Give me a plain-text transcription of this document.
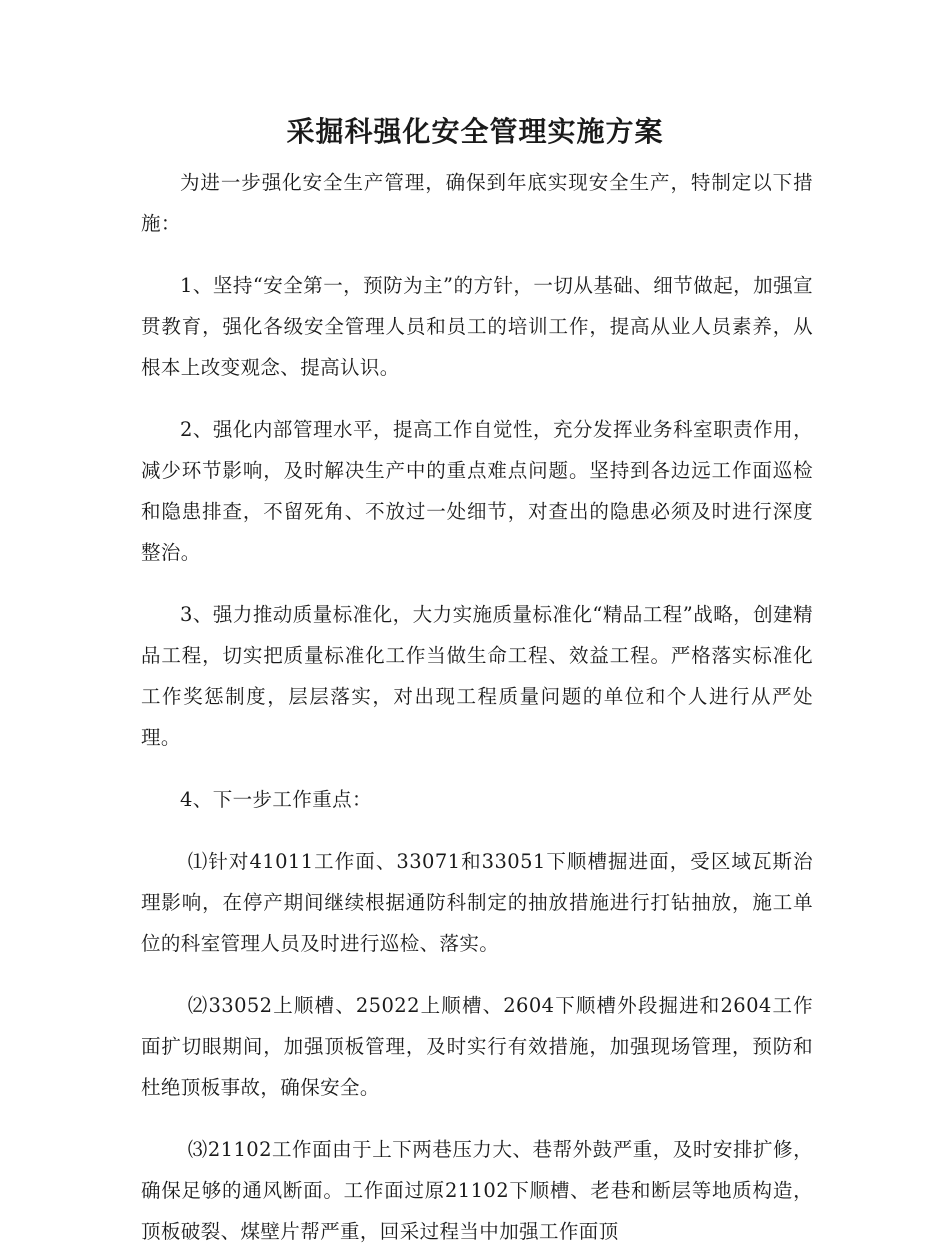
采掘科强化安全管理实施方案

为进一步强化安全生产管理，确保到年底实现安全生产，特制定以下措施：

1、坚持“安全第一，预防为主”的方针，一切从基础、细节做起，加强宣贯教育，强化各级安全管理人员和员工的培训工作，提高从业人员素养，从根本上改变观念、提高认识。

2、强化内部管理水平，提高工作自觉性，充分发挥业务科室职责作用，减少环节影响，及时解决生产中的重点难点问题。坚持到各边远工作面巡检和隐患排查，不留死角、不放过一处细节，对查出的隐患必须及时进行深度整治。

3、强力推动质量标准化，大力实施质量标准化“精品工程”战略，创建精品工程，切实把质量标准化工作当做生命工程、效益工程。严格落实标准化工作奖惩制度，层层落实，对出现工程质量问题的单位和个人进行从严处理。

4、下一步工作重点：

⑴针对41011工作面、33071和33051下顺槽掘进面，受区域瓦斯治理影响，在停产期间继续根据通防科制定的抽放措施进行打钻抽放，施工单位的科室管理人员及时进行巡检、落实。

⑵33052上顺槽、25022上顺槽、2604下顺槽外段掘进和2604工作面扩切眼期间，加强顶板管理，及时实行有效措施，加强现场管理，预防和杜绝顶板事故，确保安全。

⑶21102工作面由于上下两巷压力大、巷帮外鼓严重，及时安排扩修，确保足够的通风断面。工作面过原21102下顺槽、老巷和断层等地质构造，顶板破裂、煤壁片帮严重，回采过程当中加强工作面顶
